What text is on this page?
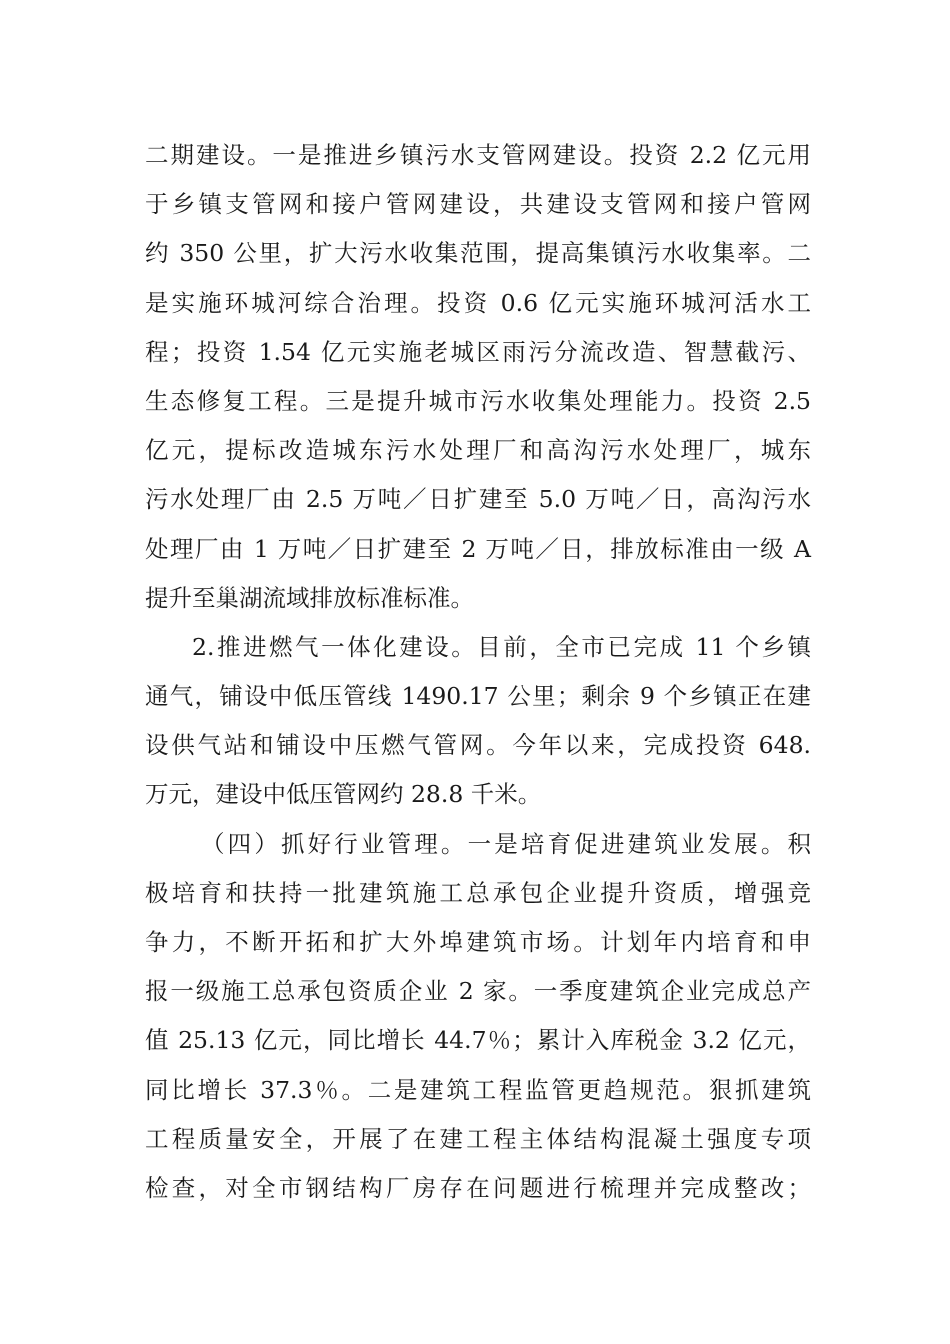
二期建设。一是推进乡镇污水支管网建设。投资 2.2 亿元用
于乡镇支管网和接户管网建设，共建设支管网和接户管网
约 350 公里，扩大污水收集范围，提高集镇污水收集率。二
是实施环城河综合治理。投资 0.6 亿元实施环城河活水工
程；投资 1.54 亿元实施老城区雨污分流改造、智慧截污、
生态修复工程。三是提升城市污水收集处理能力。投资 2.5
亿元，提标改造城东污水处理厂和高沟污水处理厂，城东
污水处理厂由 2.5 万吨／日扩建至 5.0 万吨／日，高沟污水
处理厂由 1 万吨／日扩建至 2 万吨／日，排放标准由一级 A
提升至巢湖流域排放标准标准。
2.推进燃气一体化建设。目前，全市已完成 11 个乡镇
通气，铺设中低压管线 1490.17 公里；剩余 9 个乡镇正在建
设供气站和铺设中压燃气管网。今年以来，完成投资 648.
万元，建设中低压管网约 28.8 千米。
（四）抓好行业管理。一是培育促进建筑业发展。积
极培育和扶持一批建筑施工总承包企业提升资质，增强竞
争力，不断开拓和扩大外埠建筑市场。计划年内培育和申
报一级施工总承包资质企业 2 家。一季度建筑企业完成总产
值 25.13 亿元，同比增长 44.7％；累计入库税金 3.2 亿元，
同比增长 37.3％。二是建筑工程监管更趋规范。狠抓建筑
工程质量安全，开展了在建工程主体结构混凝土强度专项
检查，对全市钢结构厂房存在问题进行梳理并完成整改；
